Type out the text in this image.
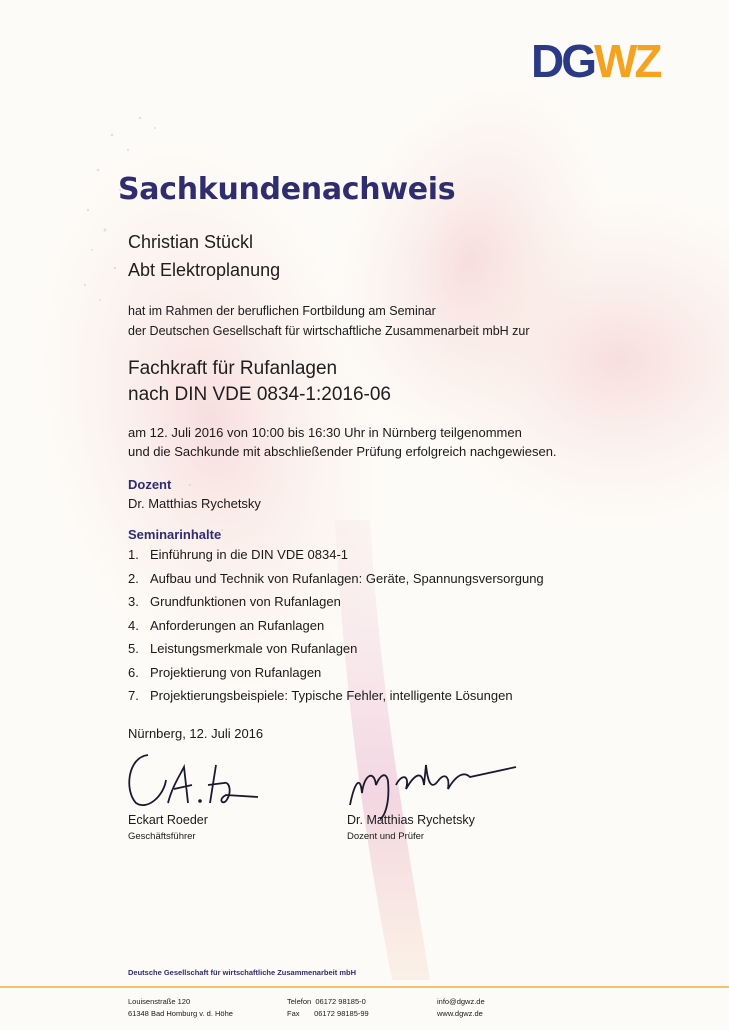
DGWZ
Sachkundenachweis

Christian Stückl

Abt Elektroplanung

hat im Rahmen der beruflichen Fortbildung am Seminar

der Deutschen Gesellschaft für wirtschaftliche Zusammenarbeit mbH zur

Fachkraft für Rufanlagen

nach DIN VDE 0834-1:2016-06

am 12. Juli 2016 von 10:00 bis 16:30 Uhr in Nürnberg teilgenommen

und die Sachkunde mit abschließender Prüfung erfolgreich nachgewiesen.

Dozent

Dr. Matthias Rychetsky

Seminarinhalte

1. Einführung in die DIN VDE 0834-1
2. Aufbau und Technik von Rufanlagen: Geräte, Spannungsversorgung
3. Grundfunktionen von Rufanlagen
4. Anforderungen an Rufanlagen
5. Leistungsmerkmale von Rufanlagen
6. Projektierung von Rufanlagen
7. Projektierungsbeispiele: Typische Fehler, intelligente Lösungen

Nürnberg, 12. Juli 2016

Eckart Roeder

Geschäftsführer

Dr. Matthias Rychetsky

Dozent und Prüfer

Deutsche Gesellschaft für wirtschaftliche Zusammenarbeit mbH

Louisenstraße 120

61348 Bad Homburg v. d. Höhe

Telefon  06172 98185-0

Fax       06172 98185-99

info@dgwz.de

www.dgwz.de
